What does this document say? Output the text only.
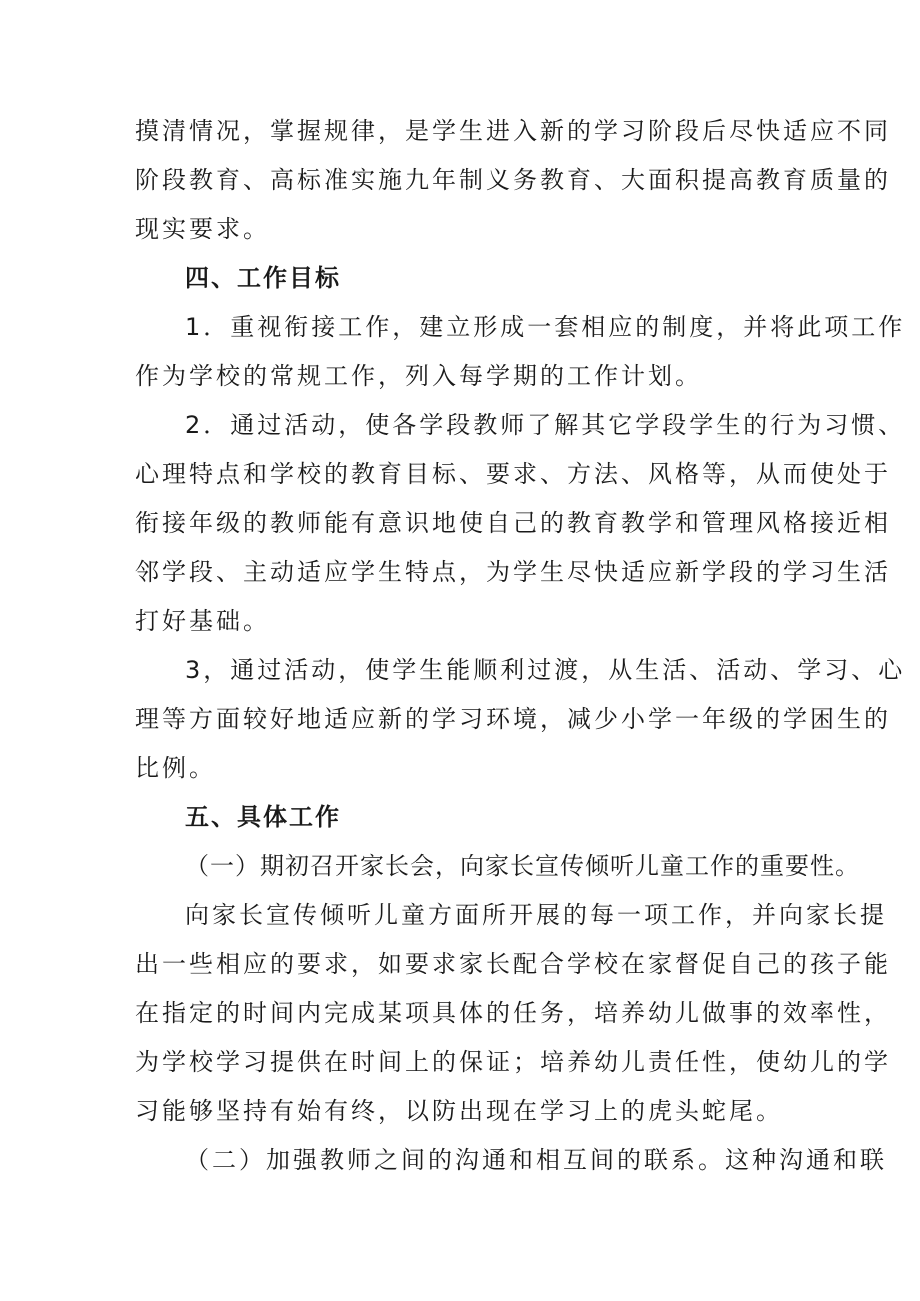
摸清情况，掌握规律，是学生进入新的学习阶段后尽快适应不同
阶段教育、高标准实施九年制义务教育、大面积提高教育质量的
现实要求。
四、工作目标
1．重视衔接工作，建立形成一套相应的制度，并将此项工作
作为学校的常规工作，列入每学期的工作计划。
2．通过活动，使各学段教师了解其它学段学生的行为习惯、
心理特点和学校的教育目标、要求、方法、风格等，从而使处于
衔接年级的教师能有意识地使自己的教育教学和管理风格接近相
邻学段、主动适应学生特点，为学生尽快适应新学段的学习生活
打好基础。
3，通过活动，使学生能顺利过渡，从生活、活动、学习、心
理等方面较好地适应新的学习环境，减少小学一年级的学困生的
比例。
五、具体工作
（一）期初召开家长会，向家长宣传倾听儿童工作的重要性。
向家长宣传倾听儿童方面所开展的每一项工作，并向家长提
出一些相应的要求，如要求家长配合学校在家督促自己的孩子能
在指定的时间内完成某项具体的任务，培养幼儿做事的效率性，
为学校学习提供在时间上的保证；培养幼儿责任性，使幼儿的学
习能够坚持有始有终，以防出现在学习上的虎头蛇尾。
（二）加强教师之间的沟通和相互间的联系。这种沟通和联
